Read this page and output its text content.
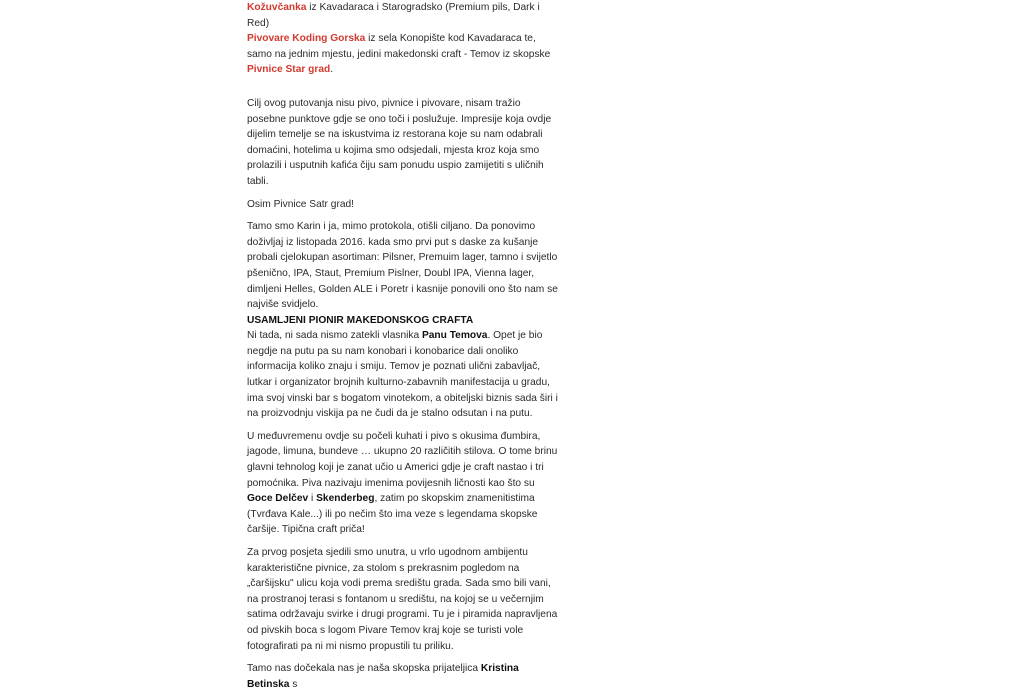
Kožuvčanka iz Kavadaraca i Starogradsko (Premium pils, Dark i Red)
Pivovare Koding Gorska iz sela Konopište kod Kavadaraca te, samo na jednim mjestu, jedini makedonski craft - Temov iz skopske Pivnice Star grad.

Cilj ovog putovanja nisu pivo, pivnice i pivovare, nisam tražio posebne punktove gdje se ono toči i poslužuje. Impresije koja ovdje dijelim temelje se na iskustvima iz restorana koje su nam odabrali domaćini, hotelima u kojima smo odsjedali, mjesta kroz koja smo prolazili i usputnih kafića čiju sam ponudu uspio zamijetiti s uličnih tabli.

Osim Pivnice Satr grad!

Tamo smo Karin i ja, mimo protokola, otišli ciljano. Da ponovimo doživljaj iz listopada 2016. kada smo prvi put s daske za kušanje probali cjelokupan asortiman: Pilsner, Premuim lager, tamno i svijetlo pšenično, IPA, Staut, Premium Pislner, Doubl IPA, Vienna lager, dimljeni Helles, Golden ALE i Poretr i kasnije ponovili ono što nam se najviše svidjelo.

USAMLJENI PIONIR MAKEDONSKOG CRAFTA

Ni tada, ni sada nismo zatekli vlasnika Panu Temova. Opet je bio negdje na putu pa su nam konobari i konobarice dali onoliko informacija koliko znaju i smiju. Temov je poznati ulični zabavljač, lutkar i organizator brojnih kulturno-zabavnih manifestacija u gradu, ima svoj vinski bar s bogatom vinotekom, a obiteljski biznis sada širi i na proizvodnju viskija pa ne čudi da je stalno odsutan i na putu.

U međuvremenu ovdje su počeli kuhati i pivo s okusima đumbira, jagode, limuna, bundeve … ukupno 20 različitih stilova. O tome brinu glavni tehnolog koji je zanat učio u Americi gdje je craft nastao i tri pomoćnika. Piva nazivaju imenima povijesnih ličnosti kao što su Goce Delčev i Skenderbeg, zatim po skopskim znamenitistima (Tvrđava Kale...) ili po nečim što ima veze s legendama skopske čaršije. Tipična craft priča!

Za prvog posjeta sjedili smo unutra, u vrlo ugodnom ambijentu karakteristične pivnice, za stolom s prekrasnim pogledom na „čaršijsku" ulicu koja vodi prema središtu grada. Sada smo bili vani, na prostranoj terasi s fontanom u središtu, na kojoj se u večernjim satima održavaju svirke i drugi programi. Tu je i piramida napravljena od pivskih boca s logom Pivare Temov kraj koje se turisti vole fotografirati pa ni mi nismo propustili tu priliku.

Tamo nas dočekala nas je naša skopska prijateljica Kristina Betinska s
